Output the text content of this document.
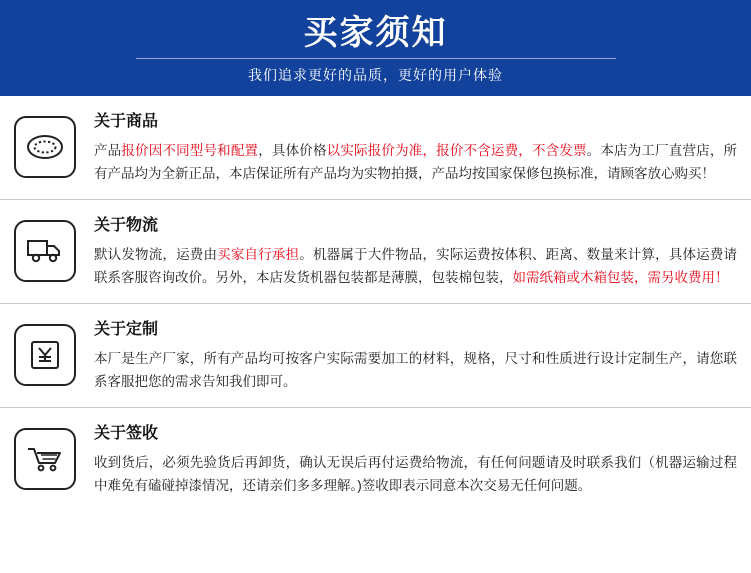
买家须知
我们追求更好的品质，更好的用户体验
关于商品
产品报价因不同型号和配置，具体价格以实际报价为准，报价不含运费，不含发票。本店为工厂直营店，所有产品均为全新正品，本店保证所有产品均为实物拍摄，产品均按国家保修包换标准，请顾客放心购买！
关于物流
默认发物流，运费由买家自行承担。机器属于大件物品，实际运费按体积、距离、数量来计算，具体运费请联系客服咨询改价。另外，本店发货机器包装都是薄膜，包装棉包装，如需纸箱或木箱包装，需另收费用！
关于定制
本厂是生产厂家，所有产品均可按客户实际需要加工的材料，规格，尺寸和性质进行设计定制生产，请您联系客服把您的需求告知我们即可。
关于签收
收到货后，必须先验货后再卸货，确认无误后再付运费给物流，有任何问题请及时联系我们（机器运输过程中难免有磕碰掉漆情况，还请亲们多多理解。)签收即表示同意本次交易无任何问题。
